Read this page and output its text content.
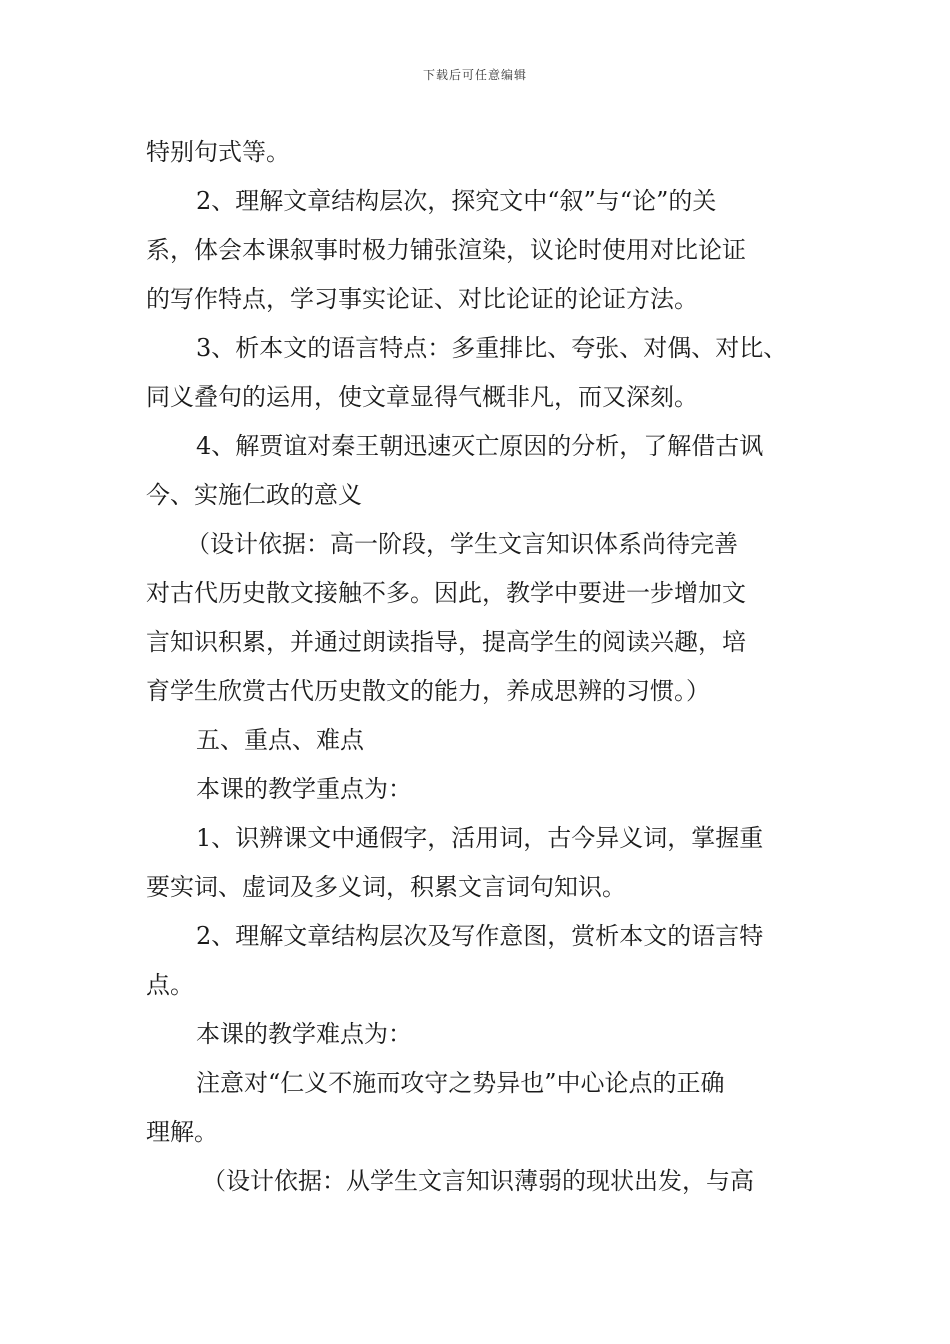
下载后可任意编辑
特别句式等。
2、理解文章结构层次，探究文中“叙”与“论”的关
系，体会本课叙事时极力铺张渲染，议论时使用对比论证
的写作特点，学习事实论证、对比论证的论证方法。
3、析本文的语言特点：多重排比、夸张、对偶、对比、
同义叠句的运用，使文章显得气概非凡，而又深刻。
4、解贾谊对秦王朝迅速灭亡原因的分析，了解借古讽
今、实施仁政的意义
（设计依据：高一阶段，学生文言知识体系尚待完善
对古代历史散文接触不多。因此，教学中要进一步增加文
言知识积累，并通过朗读指导，提高学生的阅读兴趣，培
育学生欣赏古代历史散文的能力，养成思辨的习惯。）
五、重点、难点
本课的教学重点为：
1、识辨课文中通假字，活用词，古今异义词，掌握重
要实词、虚词及多义词，积累文言词句知识。
2、理解文章结构层次及写作意图，赏析本文的语言特
点。
本课的教学难点为：
注意对“仁义不施而攻守之势异也”中心论点的正确
理解。
（设计依据：从学生文言知识薄弱的现状出发，与高
